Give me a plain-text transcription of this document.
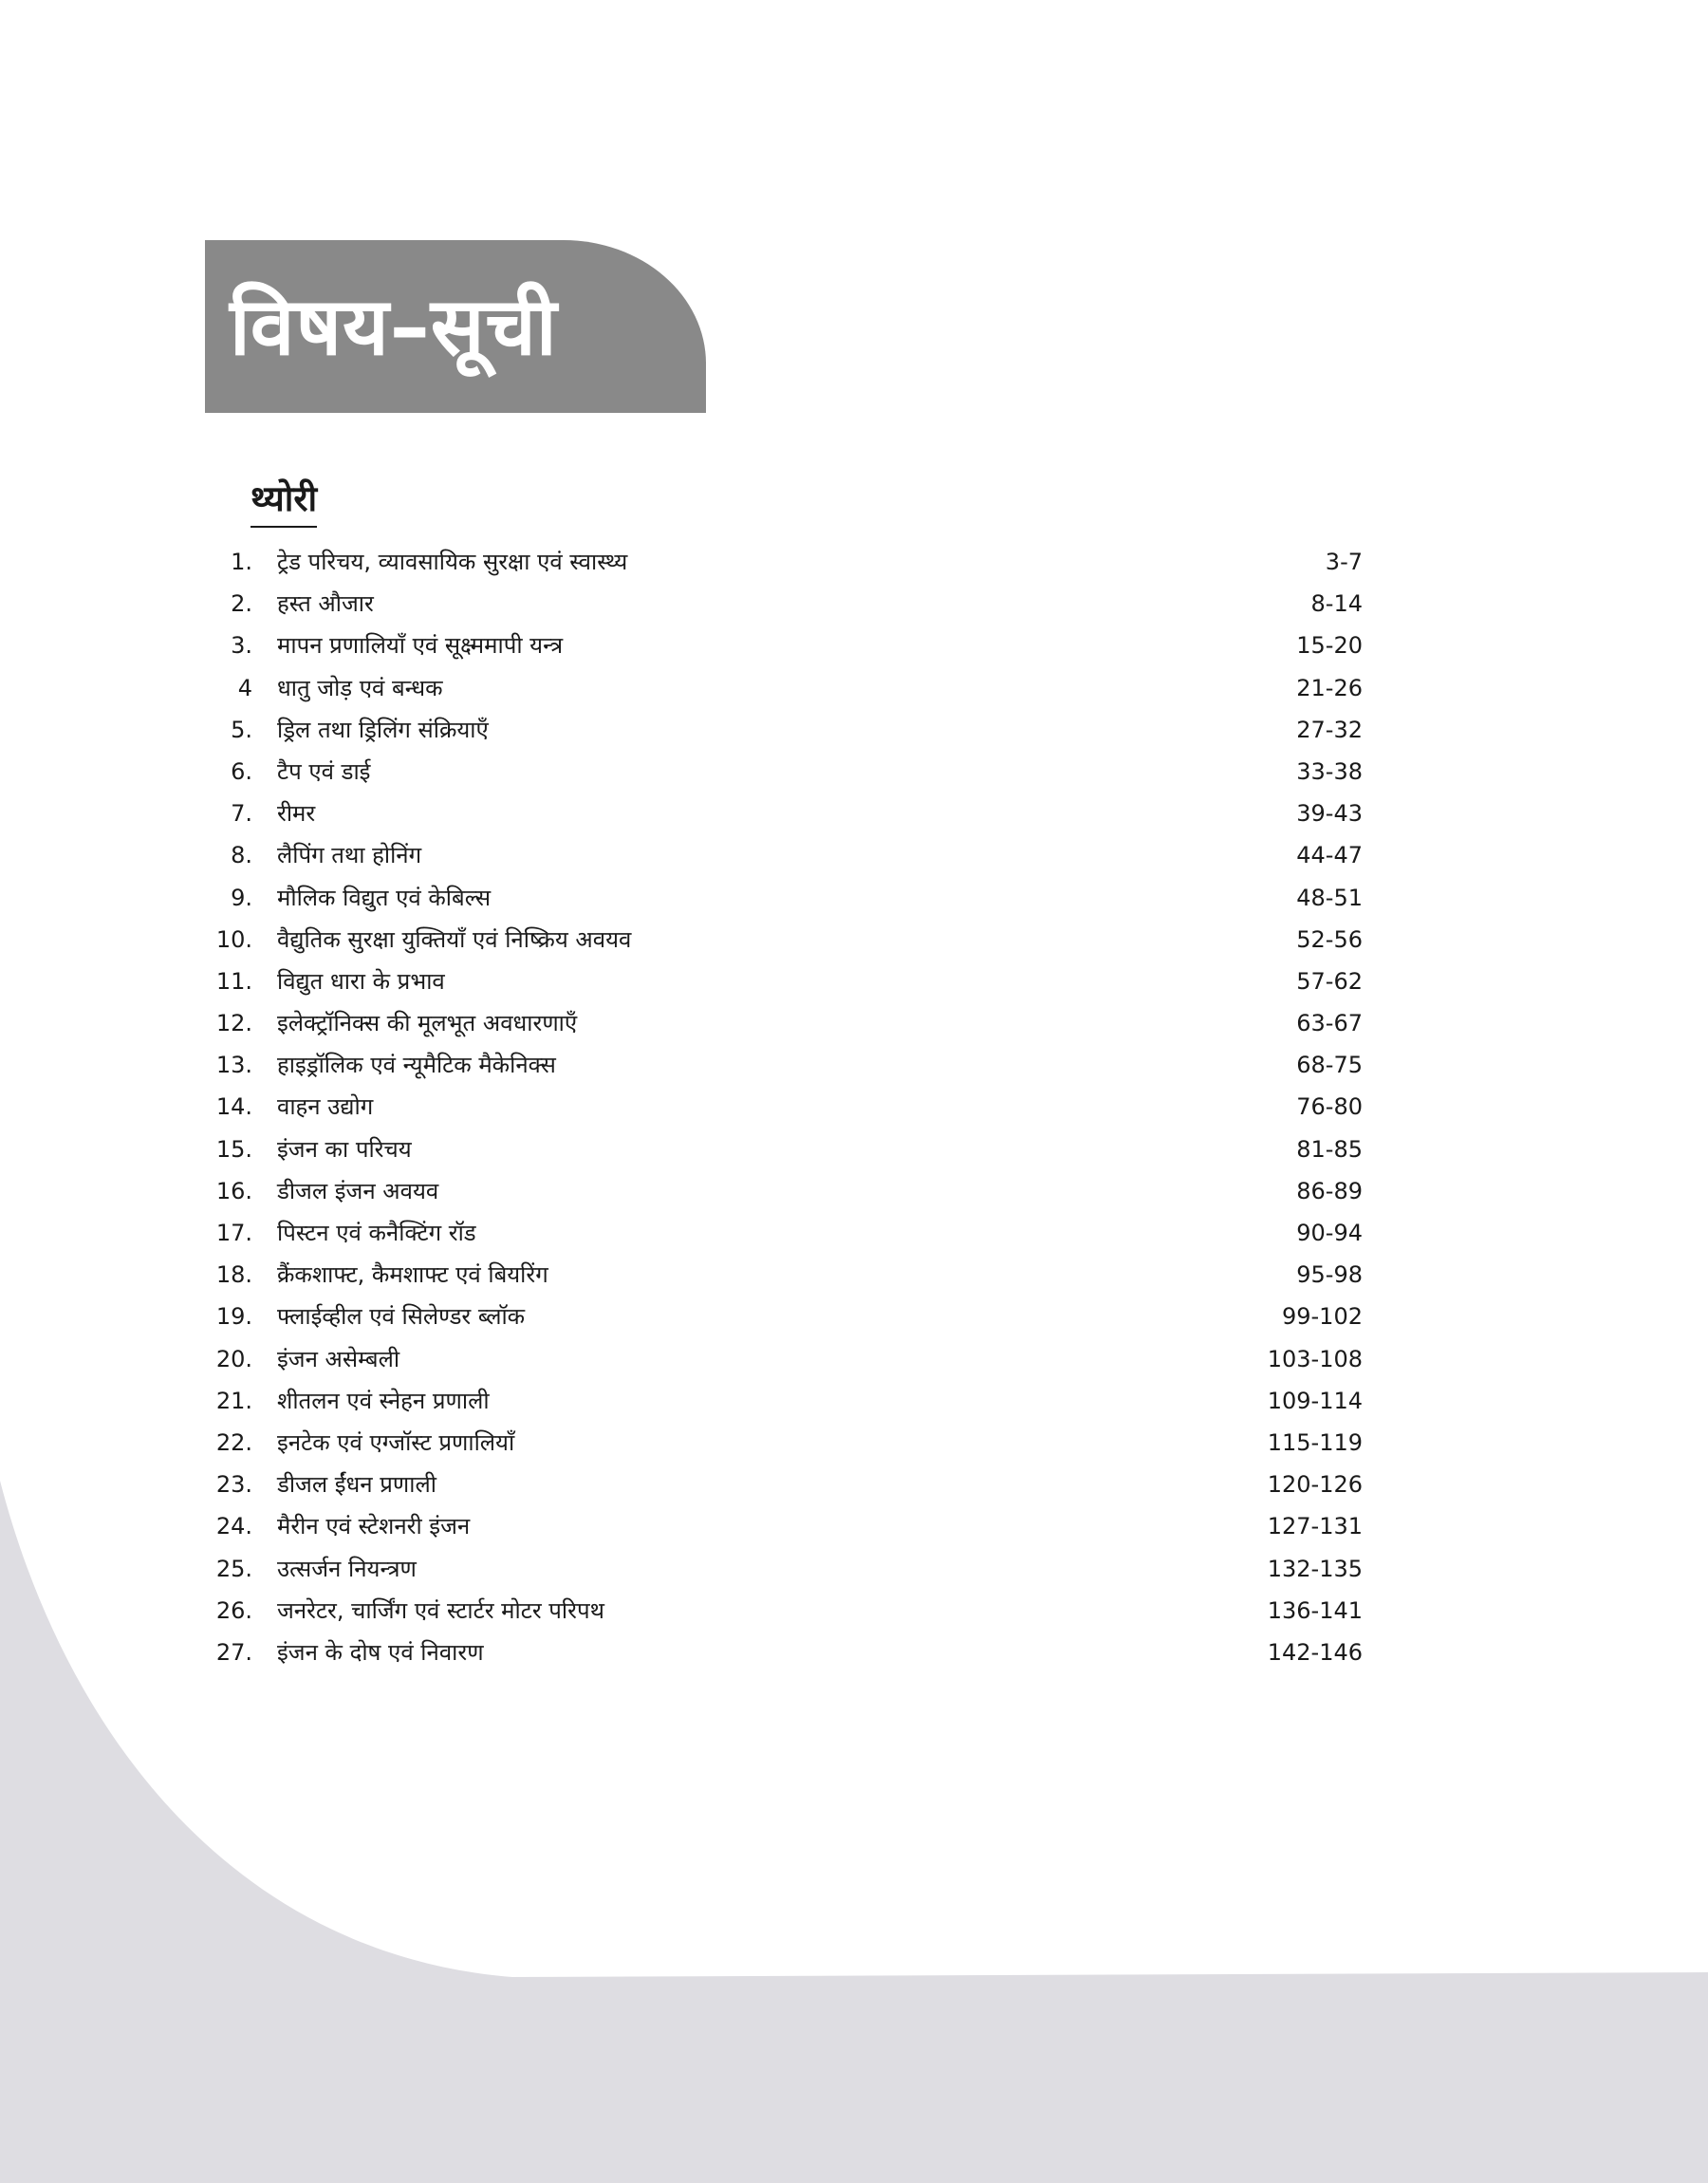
विषय–सूची
थ्योरी
1. ट्रेड परिचय, व्यावसायिक सुरक्षा एवं स्वास्थ्य	3-7
2. हस्त औजार	8-14
3. मापन प्रणालियाँ एवं सूक्ष्ममापी यन्त्र	15-20
4 धातु जोड़ एवं बन्धक	21-26
5. ड्रिल तथा ड्रिलिंग संक्रियाएँ	27-32
6. टैप एवं डाई	33-38
7. रीमर	39-43
8. लैपिंग तथा होनिंग	44-47
9. मौलिक विद्युत एवं केबिल्स	48-51
10. वैद्युतिक सुरक्षा युक्तियाँ एवं निष्क्रिय अवयव	52-56
11. विद्युत धारा के प्रभाव	57-62
12. इलेक्ट्रॉनिक्स की मूलभूत अवधारणाएँ	63-67
13. हाइड्रॉलिक एवं न्यूमैटिक मैकेनिक्स	68-75
14. वाहन उद्योग	76-80
15. इंजन का परिचय	81-85
16. डीजल इंजन अवयव	86-89
17. पिस्टन एवं कनैक्टिंग रॉड	90-94
18. क्रैंकशाफ्ट, कैमशाफ्ट एवं बियरिंग	95-98
19. फ्लाईव्हील एवं सिलेण्डर ब्लॉक	99-102
20. इंजन असेम्बली	103-108
21. शीतलन एवं स्नेहन प्रणाली	109-114
22. इनटेक एवं एग्जॉस्ट प्रणालियाँ	115-119
23. डीजल ईंधन प्रणाली	120-126
24. मैरीन एवं स्टेशनरी इंजन	127-131
25. उत्सर्जन नियन्त्रण	132-135
26. जनरेटर, चार्जिंग एवं स्टार्टर मोटर परिपथ	136-141
27. इंजन के दोष एवं निवारण	142-146
